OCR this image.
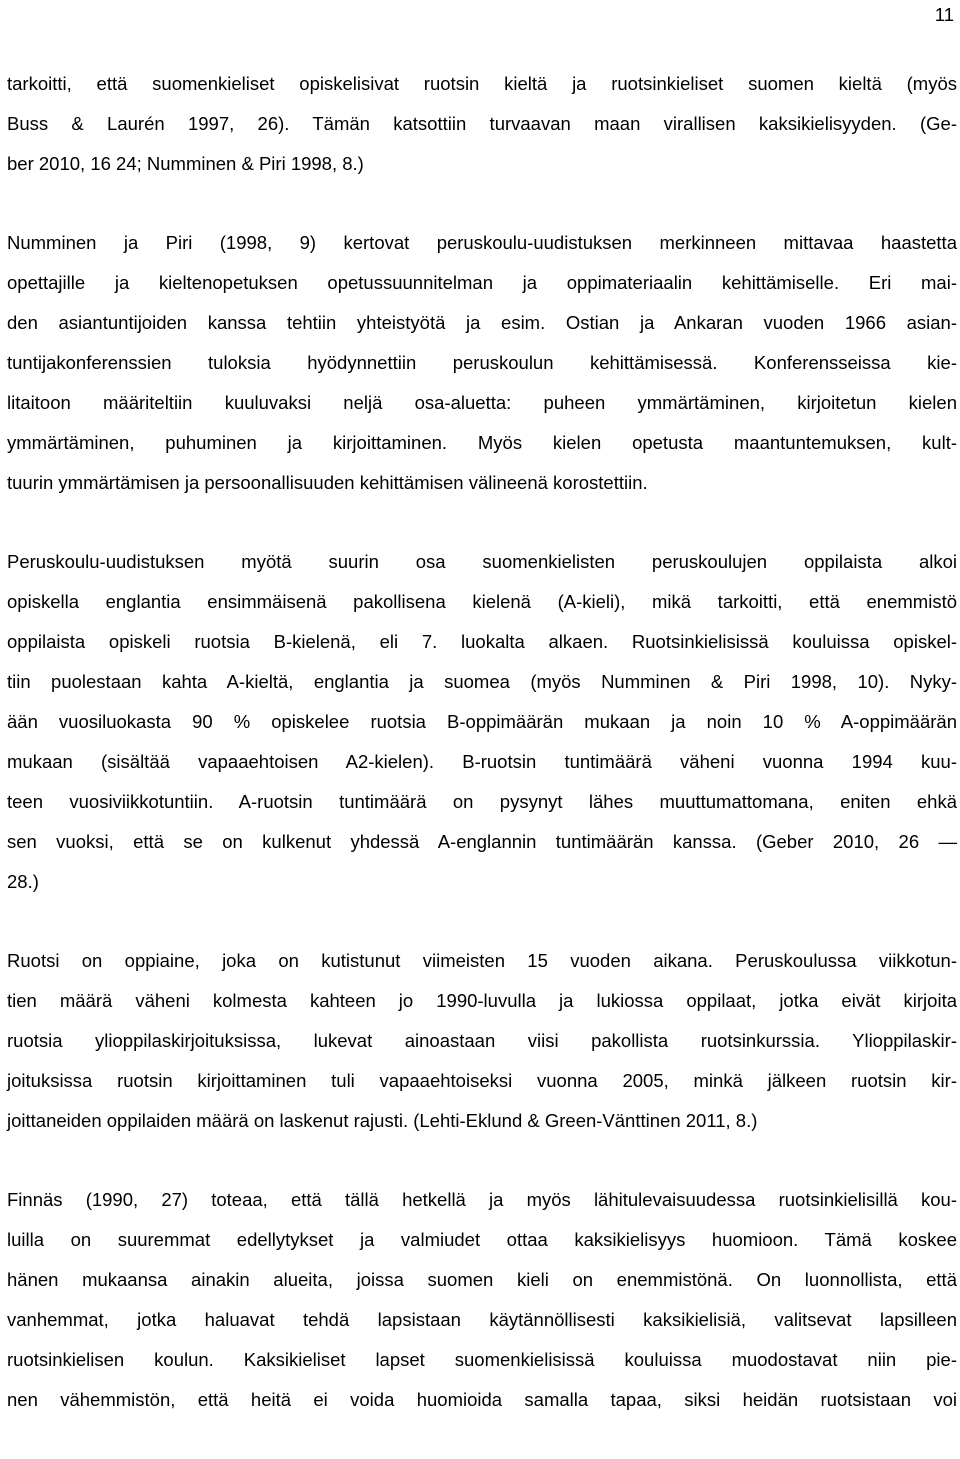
11

tarkoitti, että suomenkieliset opiskelisivat ruotsin kieltä ja ruotsinkieliset suomen kieltä (myös
Buss & Laurén 1997, 26). Tämän katsottiin turvaavan maan virallisen kaksikielisyyden. (Ge-
ber 2010, 16 24; Numminen & Piri 1998, 8.)

Numminen ja Piri (1998, 9) kertovat peruskoulu-uudistuksen merkinneen mittavaa haastetta
opettajille ja kieltenopetuksen opetussuunnitelman ja oppimateriaalin kehittämiselle. Eri mai-
den asiantuntijoiden kanssa tehtiin yhteistyötä ja esim. Ostian ja Ankaran vuoden 1966 asian-
tuntijakonferenssien tuloksia hyödynnettiin peruskoulun kehittämisessä. Konferensseissa kie-
litaitoon määriteltiin kuuluvaksi neljä osa-aluetta: puheen ymmärtäminen, kirjoitetun kielen
ymmärtäminen, puhuminen ja kirjoittaminen. Myös kielen opetusta maantuntemuksen, kult-
tuurin ymmärtämisen ja persoonallisuuden kehittämisen välineenä korostettiin.

Peruskoulu-uudistuksen myötä suurin osa suomenkielisten peruskoulujen oppilaista alkoi
opiskella englantia ensimmäisenä pakollisena kielenä (A-kieli), mikä tarkoitti, että enemmistö
oppilaista opiskeli ruotsia B-kielenä, eli 7. luokalta alkaen. Ruotsinkielisissä kouluissa opiskel-
tiin puolestaan kahta A-kieltä, englantia ja suomea (myös Numminen & Piri 1998, 10). Nyky-
ään vuosiluokasta 90 % opiskelee ruotsia B-oppimäärän mukaan ja noin 10 % A-oppimäärän
mukaan (sisältää vapaaehtoisen A2-kielen). B-ruotsin tuntimäärä väheni vuonna 1994 kuu-
teen vuosiviikkotuntiin. A-ruotsin tuntimäärä on pysynyt lähes muuttumattomana, eniten ehkä
sen vuoksi, että se on kulkenut yhdessä A-englannin tuntimäärän kanssa. (Geber 2010, 26 —
28.)

Ruotsi on oppiaine, joka on kutistunut viimeisten 15 vuoden aikana. Peruskoulussa viikkotun-
tien määrä väheni kolmesta kahteen jo 1990-luvulla ja lukiossa oppilaat, jotka eivät kirjoita
ruotsia ylioppilaskirjoituksissa, lukevat ainoastaan viisi pakollista ruotsinkurssia. Ylioppilaskir-
joituksissa ruotsin kirjoittaminen tuli vapaaehtoiseksi vuonna 2005, minkä jälkeen ruotsin kir-
joittaneiden oppilaiden määrä on laskenut rajusti. (Lehti-Eklund & Green-Vänttinen 2011, 8.)

Finnäs (1990, 27) toteaa, että tällä hetkellä ja myös lähitulevaisuudessa ruotsinkielisillä kou-
luilla on suuremmat edellytykset ja valmiudet ottaa kaksikielisyys huomioon. Tämä koskee
hänen mukaansa ainakin alueita, joissa suomen kieli on enemmistönä. On luonnollista, että
vanhemmat, jotka haluavat tehdä lapsistaan käytännöllisesti kaksikielisiä, valitsevat lapsilleen
ruotsinkielisen koulun. Kaksikieliset lapset suomenkielisissä kouluissa muodostavat niin pie-
nen vähemmistön, että heitä ei voida huomioida samalla tapaa, siksi heidän ruotsistaan voi
